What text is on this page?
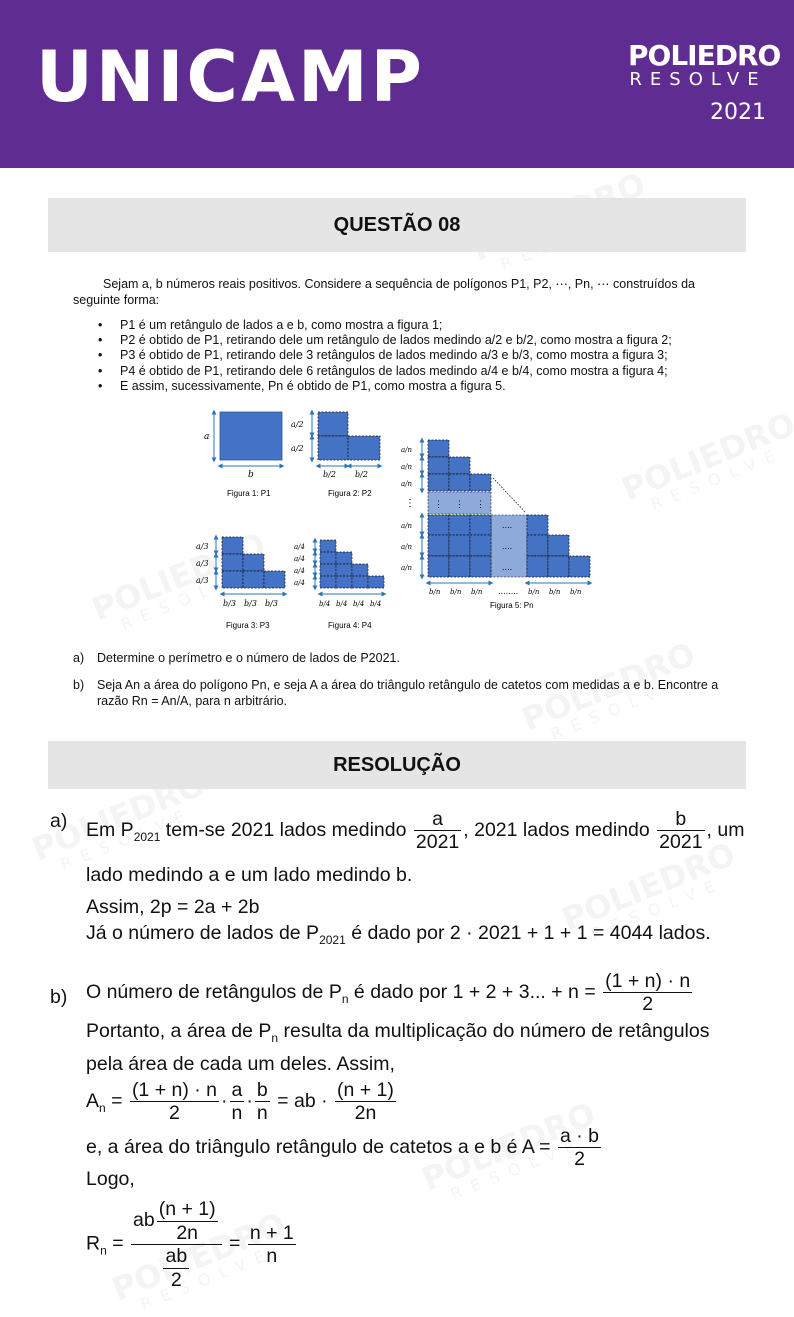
UNICAMP	POLIEDRO
RESOLVE
2021
QUESTÃO 08
Sejam a, b números reais positivos. Considere a sequência de polígonos P1, P2, ⋯, Pn, ⋯ construídos da seguinte forma:
• P1 é um retângulo de lados a e b, como mostra a figura 1;
• P2 é obtido de P1, retirando dele um retângulo de lados medindo a/2 e b/2, como mostra a figura 2;
• P3 é obtido de P1, retirando dele 3 retângulos de lados medindo a/3 e b/3, como mostra a figura 3;
• P4 é obtido de P1, retirando dele 6 retângulos de lados medindo a/4 e b/4, como mostra a figura 4;
• E assim, sucessivamente, Pn é obtido de P1, como mostra a figura 5.
a
b
Figura 1: P1
a/2
a/2
b/2 b/2
Figura 2: P2
a/3
a/3
a/3
b/3 b/3 b/3
Figura 3: P3
a/4
a/4
a/4
a/4
b/4 b/4 b/4 b/4
Figura 4: P4
a/n
a/n
a/n
⋮
a/n
a/n
a/n
⋮ ⋮ ⋮
....
....
....
b/n b/n b/n ........ b/n b/n b/n
Figura 5: Pn
a)	Determine o perímetro e o número de lados de P2021.
b)	Seja An a área do polígono Pn, e seja A a área do triângulo retângulo de catetos com medidas a e b. Encontre a razão Rn = An/A, para n arbitrário.
RESOLUÇÃO
a) Em $P_{2021}$ tem-se 2021 lados medindo $\frac{a}{2021}$ , 2021 lados medindo $\frac{b}{2021}$ , um
lado medindo a e um lado medindo b.
Assim, 2p = 2a + 2b
Já o número de lados de $P_{2021}$ é dado por 2 · 2021 + 1 + 1 = 4044 lados.
b) O número de retângulos de $P_n$ é dado por 1 + 2 + 3... + $n = \frac{(1 + n) \cdot n}{2}$
Portanto, a área de $P_n$ resulta da multiplicação do número de retângulos
pela área de cada um deles. Assim,
$A_n = \frac{(1 + n) \cdot n}{2} \cdot \frac{a}{n} \cdot \frac{b}{n}$ = ab · $\frac{(n + 1)}{2n}$
e, a área do triângulo retângulo de catetos a e b é $A = \frac{a \cdot b}{2}$
Logo,
$R_n = \frac{ab \frac{(n + 1)}{2n}}{\frac{ab}{2}} = \frac{n + 1}{n}$
